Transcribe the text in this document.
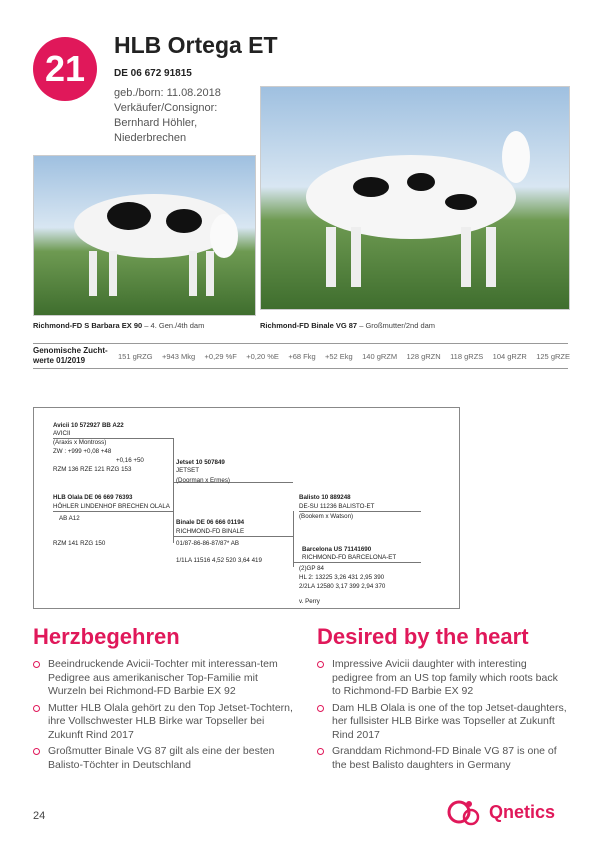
21
HLB Ortega ET
DE 06 672 91815
geb./born: 11.08.2018
Verkäufer/Consignor:
Bernhard Höhler,
Niederbrechen
Richmond-FD S Barbara EX 90 – 4. Gen./4th dam	Richmond-FD Binale VG 87 – Großmutter/2nd dam
Genomische Zucht-werte 01/2019	151 gRZG +943 Mkg +0,29 %F +0,20 %E +68 Fkg +52 Ekg 140 gRZM 128 gRZN 118 gRZS 104 gRZR 125 gRZE
Avicii 10 572927 BB A22
AVICII
(Araxis x Montross)
ZW : +999 +0,08 +48
+0,16 +50
RZM 136 RZE 121 RZG 153
Jetset 10 507849
JETSET
(Doorman x Ermes)
HLB Olala DE 06 669 76393
HÖHLER LINDENHOF BRECHEN OLALA
AB A12
RZM 141 RZG 150
Balisto 10 889248
DE-SU 11236 BALISTO-ET
(Bookem x Watson)
Binale DE 06 666 01194
RICHMOND-FD BINALE
01/87-86-86-87/87* AB
1/1LA 11516 4,52 520 3,64 419
Barcelona US 71141690
RICHMOND-FD BARCELONA-ET
(2)GP 84
HL 2: 13225 3,26 431 2,95 390
2/2LA 12580 3,17 399 2,94 370
v. Perry
Herzbegehren
Beeindruckende Avicii-Tochter mit interessan-tem Pedigree aus amerikanischer Top-Familie mit Wurzeln bei Richmond-FD Barbie EX 92
Mutter HLB Olala gehört zu den Top Jetset-Tochtern, ihre Vollschwester HLB Birke war Topseller bei Zukunft Rind 2017
Großmutter Binale VG 87 gilt als eine der besten Balisto-Töchter in Deutschland
Desired by the heart
Impressive Avicii daughter with interesting pedigree from an US top family which roots back to Richmond-FD Barbie EX 92
Dam HLB Olala is one of the top Jetset-daughters, her fullsister HLB Birke was Topseller at Zukunft Rind 2017
Granddam Richmond-FD Binale VG 87 is one of the best Balisto daughters in Germany
24	Qnetics
